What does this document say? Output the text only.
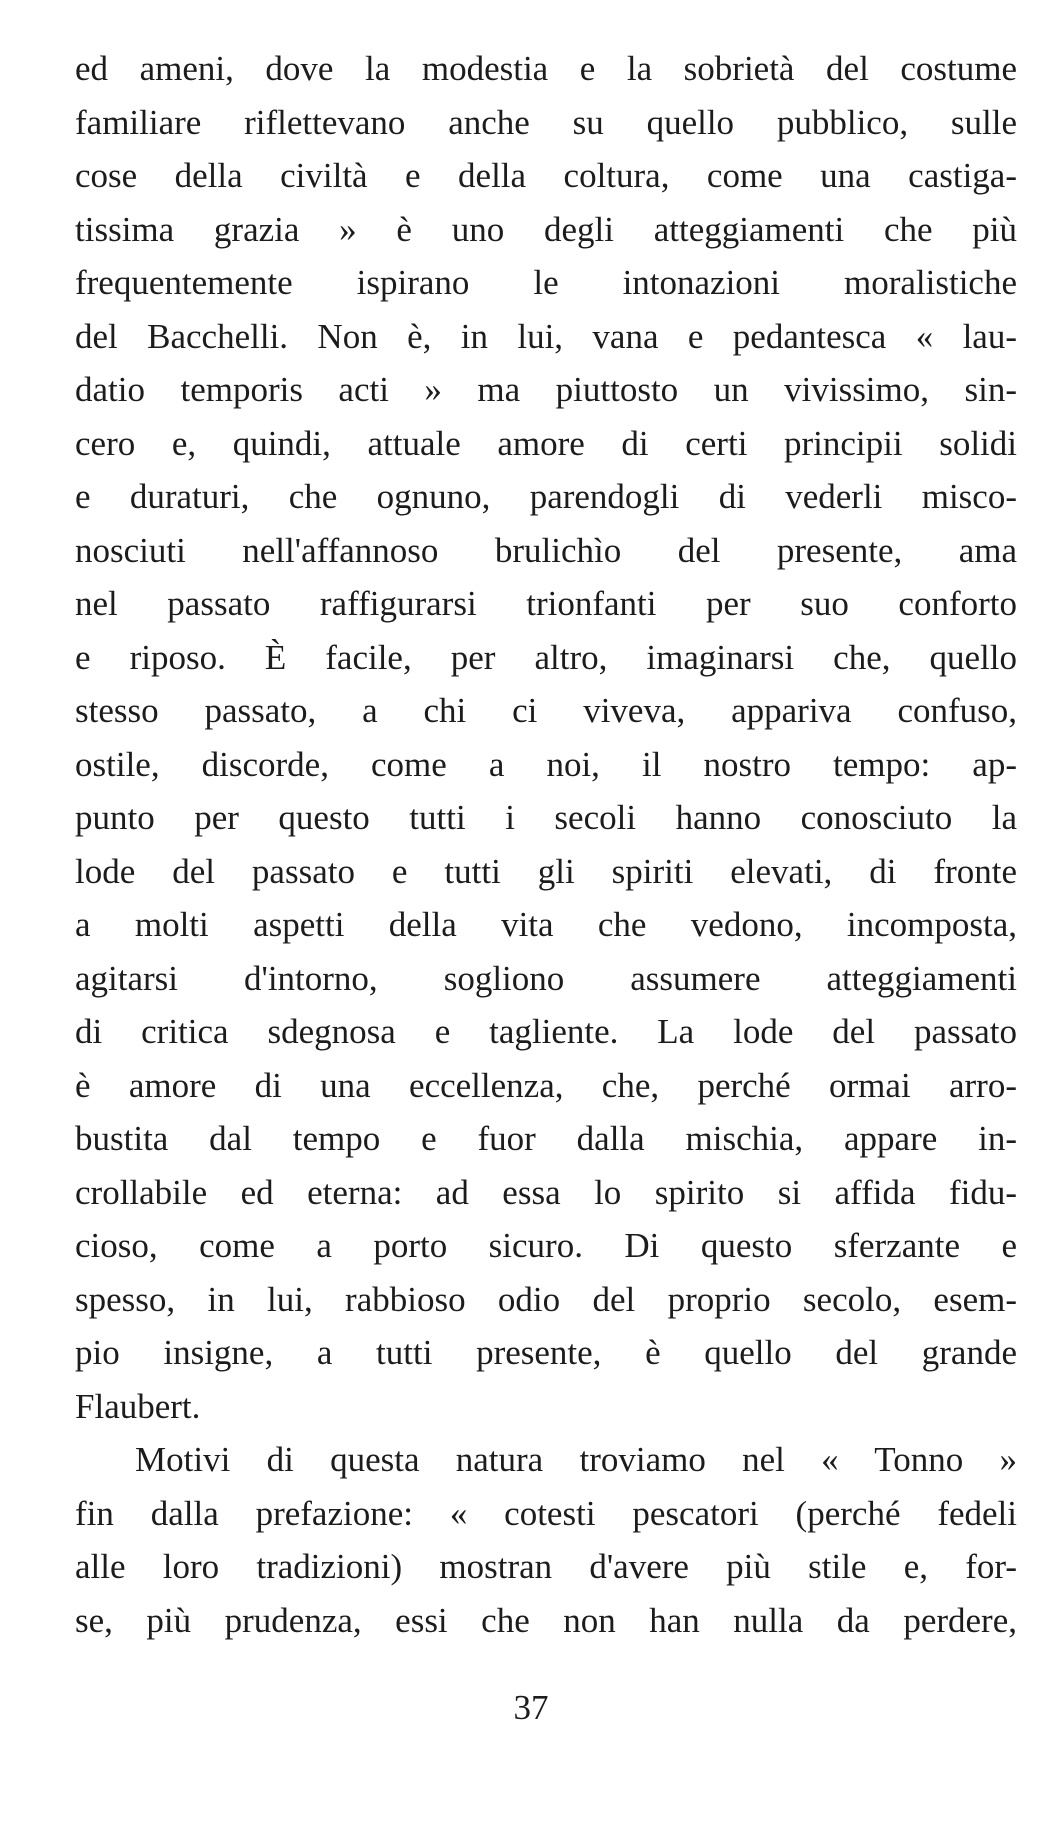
ed ameni, dove la modestia e la sobrietà del costume
familiare riflettevano anche su quello pubblico, sulle
cose della civiltà e della coltura, come una castiga-
tissima grazia » è uno degli atteggiamenti che più
frequentemente ispirano le intonazioni moralistiche
del Bacchelli. Non è, in lui, vana e pedantesca « lau-
datio temporis acti » ma piuttosto un vivissimo, sin-
cero e, quindi, attuale amore di certi principii solidi
e duraturi, che ognuno, parendogli di vederli misco-
nosciuti nell'affannoso brulichìo del presente, ama
nel passato raffigurarsi trionfanti per suo conforto
e riposo. È facile, per altro, imaginarsi che, quello
stesso passato, a chi ci viveva, appariva confuso,
ostile, discorde, come a noi, il nostro tempo: ap-
punto per questo tutti i secoli hanno conosciuto la
lode del passato e tutti gli spiriti elevati, di fronte
a molti aspetti della vita che vedono, incomposta,
agitarsi d'intorno, sogliono assumere atteggiamenti
di critica sdegnosa e tagliente. La lode del passato
è amore di una eccellenza, che, perché ormai arro-
bustita dal tempo e fuor dalla mischia, appare in-
crollabile ed eterna: ad essa lo spirito si affida fidu-
cioso, come a porto sicuro. Di questo sferzante e
spesso, in lui, rabbioso odio del proprio secolo, esem-
pio insigne, a tutti presente, è quello del grande
Flaubert.
Motivi di questa natura troviamo nel « Tonno »
fin dalla prefazione: « cotesti pescatori (perché fedeli
alle loro tradizioni) mostran d'avere più stile e, for-
se, più prudenza, essi che non han nulla da perdere,
37
